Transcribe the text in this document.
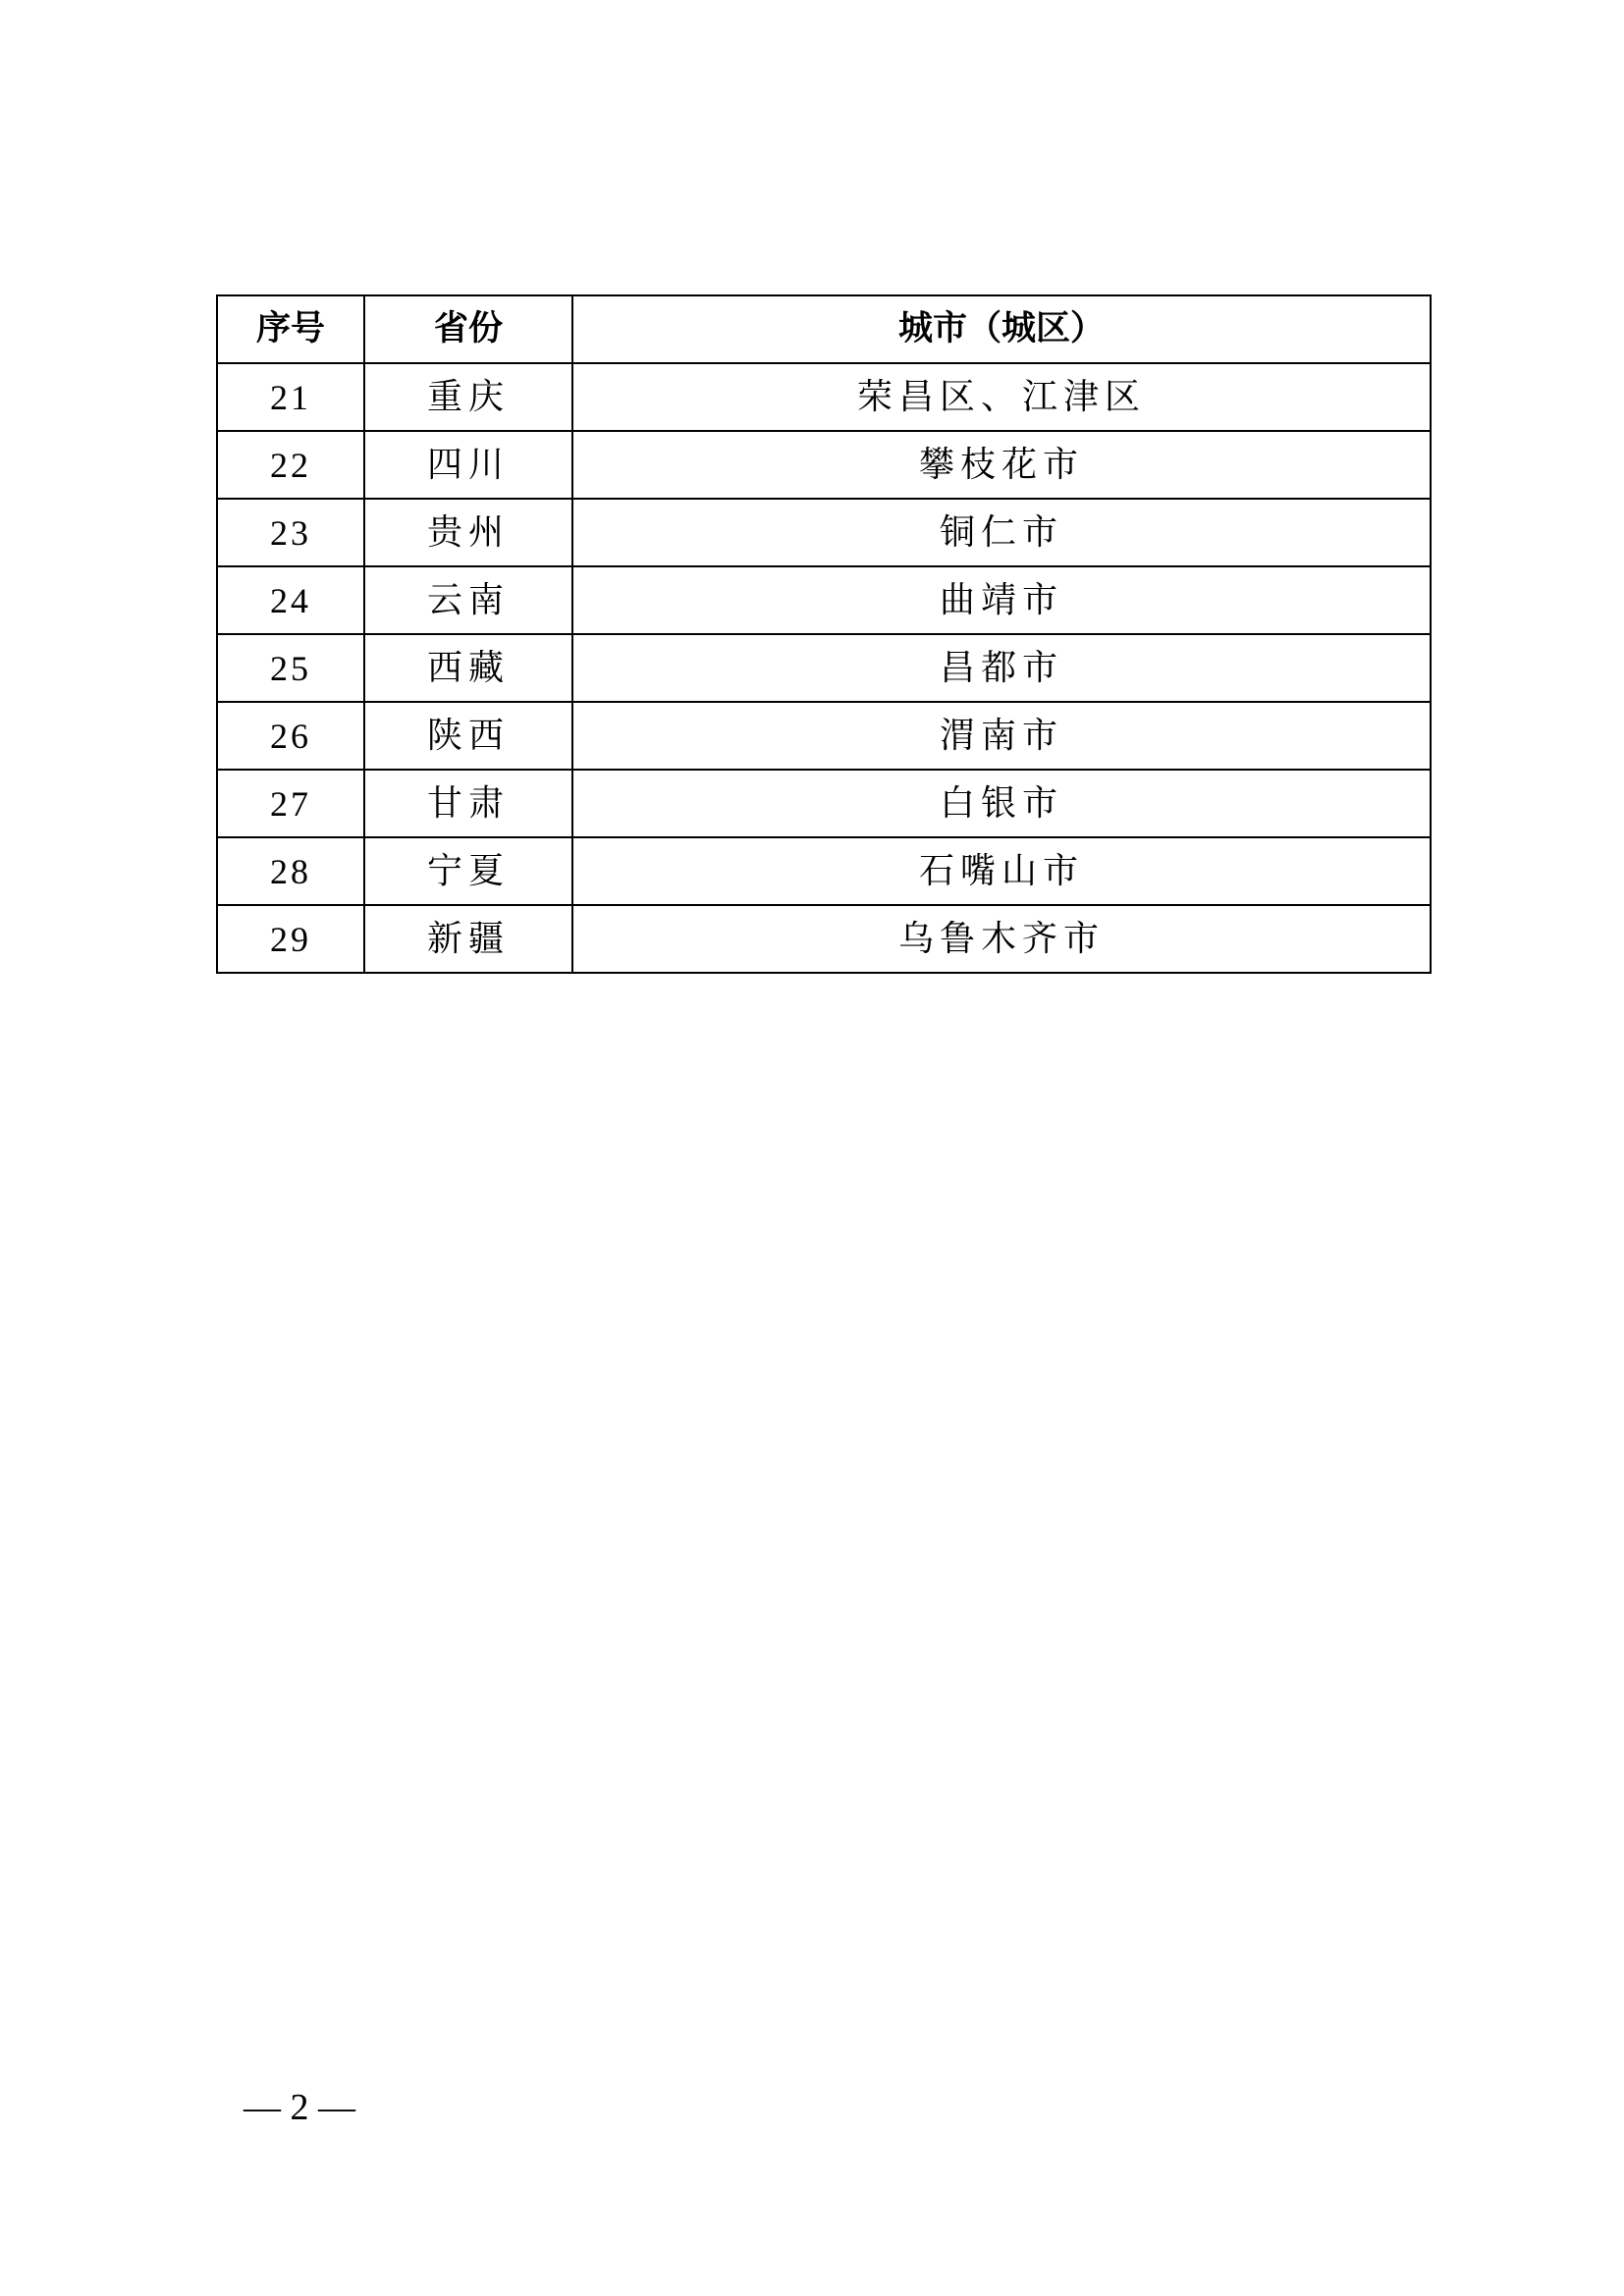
序号	省份	城市（城区）
21	重庆	荣昌区、江津区
22	四川	攀枝花市
23	贵州	铜仁市
24	云南	曲靖市
25	西藏	昌都市
26	陕西	渭南市
27	甘肃	白银市
28	宁夏	石嘴山市
29	新疆	乌鲁木齐市
— 2 —
